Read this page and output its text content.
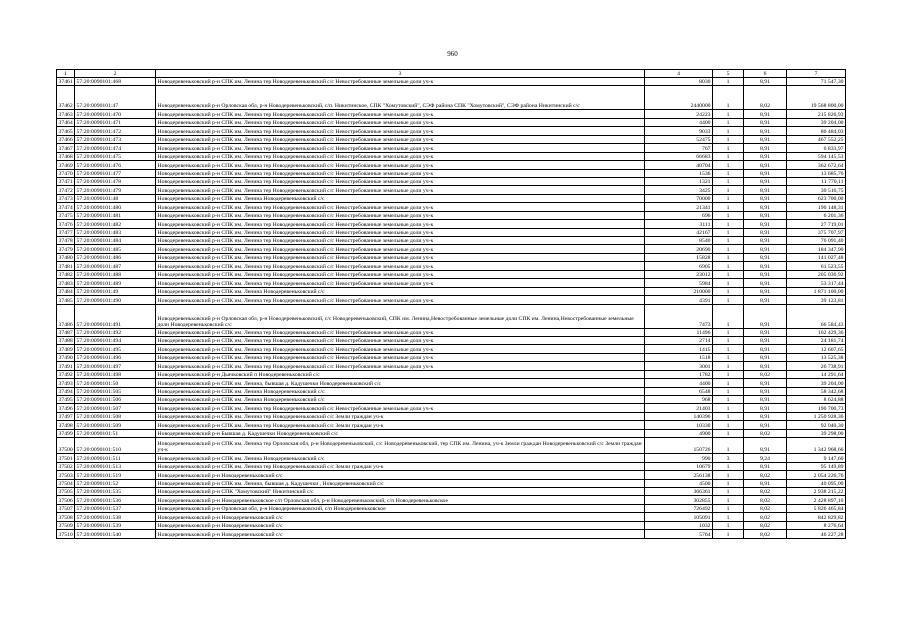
960
1	2	3	4	5	6	7
37461	57:20:0090101:468	Новодеревеньковский р-н СПК им. Ленина тер Новодеревеньковский с/с Невостребованные земельные доли уч-к	8030	1	8,91	71 547,30
37462	57:20:0090101:47	Новодеревеньковский р-н Орловская обл, р-н Новодеревеньковский, с/п. Никитинское, СПК "Хомутовский", СЭФ района СПК "Хомутовский", СЭФ района Никитинский с/с	2440000	1	8,02	19 568 800,00
37463	57:20:0090101:470	Новодеревеньковский р-н СПК им. Ленина тер Новодеревеньковский с/с Невостребованные земельные доли уч-к	24223	1	8,91	215 826,93
37464	57:20:0090101:471	Новодеревеньковский р-н СПК им. Ленина тер Новодеревеньковский с/с Невостребованные земельные доли уч-к	4400	1	8,91	39 204,00
37465	57:20:0090101:472	Новодеревеньковский р-н СПК им. Ленина тер Новодеревеньковский с/с Невостребованные земельные доли уч-к	9033	1	8,91	80 484,03
37466	57:20:0090101:473	Новодеревеньковский р-н СПК им. Ленина тер Новодеревеньковский с/с Невостребованные земельные доли уч-к	52475	1	8,91	467 552,25
37467	57:20:0090101:474	Новодеревеньковский р-н СПК им. Ленина тер Новодеревеньковский с/с Невостребованные земельные доли уч-к	767	1	8,91	6 833,97
37468	57:20:0090101:475	Новодеревеньковский р-н СПК им. Ленина тер Новодеревеньковский с/с Невостребованные земельные доли уч-к	66683	1	8,91	594 145,53
37469	57:20:0090101:476	Новодеревеньковский р-н СПК им. Ленина тер Новодеревеньковский с/с Невостребованные земельные доли уч-к	40704	1	8,91	362 672,64
37470	57:20:0090101:477	Новодеревеньковский р-н СПК им. Ленина тер Новодеревеньковский с/с Невостребованные земельные доли уч-к	1536	1	8,91	13 685,76
37471	57:20:0090101:478	Новодеревеньковский р-н СПК им. Ленина тер Новодеревеньковский с/с Невостребованные земельные доли уч-к	1321	1	8,91	11 770,11
37472	57:20:0090101:479	Новодеревеньковский р-н СПК им. Ленина тер Новодеревеньковский с/с Невостребованные земельные доли уч-к	3425	1	8,91	30 516,75
37473	57:20:0090101:48	Новодеревеньковский р-н СПК им. Ленина Новодеревеньковский с/с	70000	1	8,91	623 700,00
37474	57:20:0090101:480	Новодеревеньковский р-н СПК им. Ленина тер Новодеревеньковский с/с Невостребованные земельные доли уч-к	21341	1	8,91	190 148,31
37475	57:20:0090101:481	Новодеревеньковский р-н СПК им. Ленина тер Новодеревеньковский с/с Невостребованные земельные доли уч-к	696	1	8,91	6 201,36
37476	57:20:0090101:482	Новодеревеньковский р-н СПК им. Ленина тер Новодеревеньковский с/с Невостребованные земельные доли уч-к	3111	1	8,91	27 719,01
37477	57:20:0090101:483	Новодеревеньковский р-н СПК им. Ленина тер Новодеревеньковский с/с Невостребованные земельные доли уч-к	42167	1	8,91	375 707,97
37478	57:20:0090101:484	Новодеревеньковский р-н СПК им. Ленина тер Новодеревеньковский с/с Невостребованные земельные доли уч-к	8540	1	8,91	76 091,40
37479	57:20:0090101:485	Новодеревеньковский р-н СПК им. Ленина тер Новодеревеньковский с/с Невостребованные земельные доли уч-к	20690	1	8,91	184 347,90
37480	57:20:0090101:486	Новодеревеньковский р-н СПК им. Ленина тер Новодеревеньковский с/с Невостребованные земельные доли уч-к	15828	1	8,91	141 027,48
37481	57:20:0090101:487	Новодеревеньковский р-н СПК им. Ленина тер Новодеревеньковский с/с Невостребованные земельные доли уч-к	6905	1	8,91	61 523,55
37482	57:20:0090101:488	Новодеревеньковский р-н СПК им. Ленина тер Новодеревеньковский с/с Невостребованные земельные доли уч-к	23012	1	8,91	205 036,92
37483	57:20:0090101:489	Новодеревеньковский р-н СПК им. Ленина тер Новодеревеньковский с/с Невостребованные земельные доли уч-к	5984	1	8,91	53 317,44
37484	57:20:0090101:49	Новодеревеньковский р-н СПК им. Ленина Новодеревеньковский с/с	210000	1	8,91	1 871 100,00
37485	57:20:0090101:490	Новодеревеньковский р-н СПК им. Ленина тер Новодеревеньковский с/с Невостребованные земельные доли уч-к	4391	1	8,91	39 123,81
37486	57:20:0090101:491	Новодеревеньковский р-н Орловская обл, р-н Новодеревеньковский, с/с Новодеревеньковский, СПК им. Ленина,Невостребованные земельные доли СПК им. Ленина,Невостребованные земельные доли Новодеревеньковский с/с	7473	1	8,91	66 584,43
37487	57:20:0090101:492	Новодеревеньковский р-н СПК им. Ленина тер Новодеревеньковский с/с Невостребованные земельные доли уч-к	11496	1	8,91	102 429,36
37488	57:20:0090101:494	Новодеревеньковский р-н СПК им. Ленина тер Новодеревеньковский с/с Невостребованные земельные доли уч-к	2714	1	8,91	24 181,74
37489	57:20:0090101:495	Новодеревеньковский р-н СПК им. Ленина тер Новодеревеньковский с/с Невостребованные земельные доли уч-к	1415	1	8,91	12 607,65
37490	57:20:0090101:496	Новодеревеньковский р-н СПК им. Ленина тер Новодеревеньковский с/с Невостребованные земельные доли уч-к	1518	1	8,91	13 525,38
37491	57:20:0090101:497	Новодеревеньковский р-н СПК им. Ленина тер Новодеревеньковский с/с Невостребованные земельные доли уч-к	3001	1	8,91	26 738,91
37492	57:20:0090101:498	Новодеревеньковский р-н Дьячковский п Новодеревеньковский с/с	1782	1	8,02	14 291,64
37493	57:20:0090101:50	Новодеревеньковский р-н СПК им. Ленина, бывшая д. Кадушечки Новодеревеньковский с/с	4400	1	8,91	39 204,00
37494	57:20:0090101:505	Новодеревеньковский р-н СПК им. Ленина Новодеревеньковский с/с	6548	1	8,91	58 342,68
37495	57:20:0090101:506	Новодеревеньковский р-н СПК им. Ленина Новодеревеньковский с/с	968	1	8,91	8 624,88
37496	57:20:0090101:507	Новодеревеньковский р-н СПК им. Ленина тер Новодеревеньковский с/с Невостребованные земельные доли уч-к	21403	1	8,91	190 700,73
37497	57:20:0090101:508	Новодеревеньковский р-н СПК им. Ленина тер Новодеревеньковский с/с Земли граждан уч-к	140396	1	8,91	1 250 928,36
37498	57:20:0090101:509	Новодеревеньковский р-н СПК им. Ленина тер Новодеревеньковский с/с Земли граждан уч-к	10330	1	8,91	92 040,30
37499	57:20:0090101:51	Новодеревеньковский р-н Бывшая д. Кадушечки Новодеревеньковский с/с	4900	1	8,02	39 298,00
37500	57:20:0090101:510	Новодеревеньковский р-н СПК им. Ленина тер Орловская обл, р-н Новодеревеньковский, с/с Новодеревеньковский, тер СПК им. Ленина, уч-к Земли граждан Новодеревеньковский с/с Земли граждан уч-к	150726	1	8,91	1 342 968,66
37501	57:20:0090101:511	Новодеревеньковский р-н СПК им. Ленина Новодеревеньковский с/с	990	3	9,24	9 147,60
37502	57:20:0090101:513	Новодеревеньковский р-н СПК им. Ленина тер Новодеревеньковский с/с Земли граждан уч-к	10679	1	8,91	95 149,89
37503	57:20:0090101:519	Новодеревеньковский р-н Новодеревеньковский с/с	256138	1	8,02	2 054 226,76
37504	57:20:0090101:52	Новодеревеньковский р-н СПК им. Ленина, бывшая д. Кадушечки , Новодеревеньковский с/с	4500	1	8,91	40 095,00
37505	57:20:0090101:535	Новодеревеньковский р-н СПК "Хомутовский" Никитинский с/с	366361	1	8,02	2 938 215,22
37506	57:20:0090101:536	Новодеревеньковский р-н Новодеревеньковское с/п Орловская обл, р-н Новодеревеньковский, с/п Новодеревеньковское	302855	1	8,02	2 428 897,10
37507	57:20:0090101:537	Новодеревеньковский р-н Орловская обл, р-н Новодеревеньковский, с/п Новодеревеньковское	726492	1	8,02	5 826 465,84
37508	57:20:0090101:538	Новодеревеньковский р-н Новодеревеньковский с/с	105091	1	8,02	842 829,82
37509	57:20:0090101:539	Новодеревеньковский р-н Новодеревеньковский с/с	1032	1	8,02	8 276,64
37510	57:20:0090101:540	Новодеревеньковский р-н Новодеревеньковский с/с	5764	1	8,02	46 227,28
